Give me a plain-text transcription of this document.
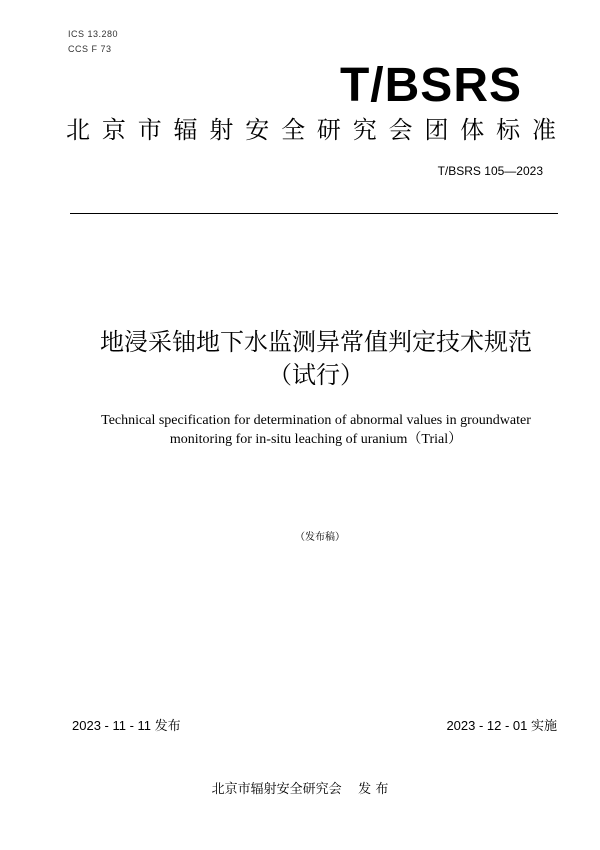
ICS 13.280
CCS F 73
T/BSRS
北京市辐射安全研究会团体标准
T/BSRS 105—2023
地浸采铀地下水监测异常值判定技术规范
（试行）
Technical specification for determination of abnormal values in groundwater
monitoring for in-situ leaching of uranium（Trial）
（发布稿）
2023 - 11 - 11 发布	2023 - 12 - 01 实施
北京市辐射安全研究会    发 布
